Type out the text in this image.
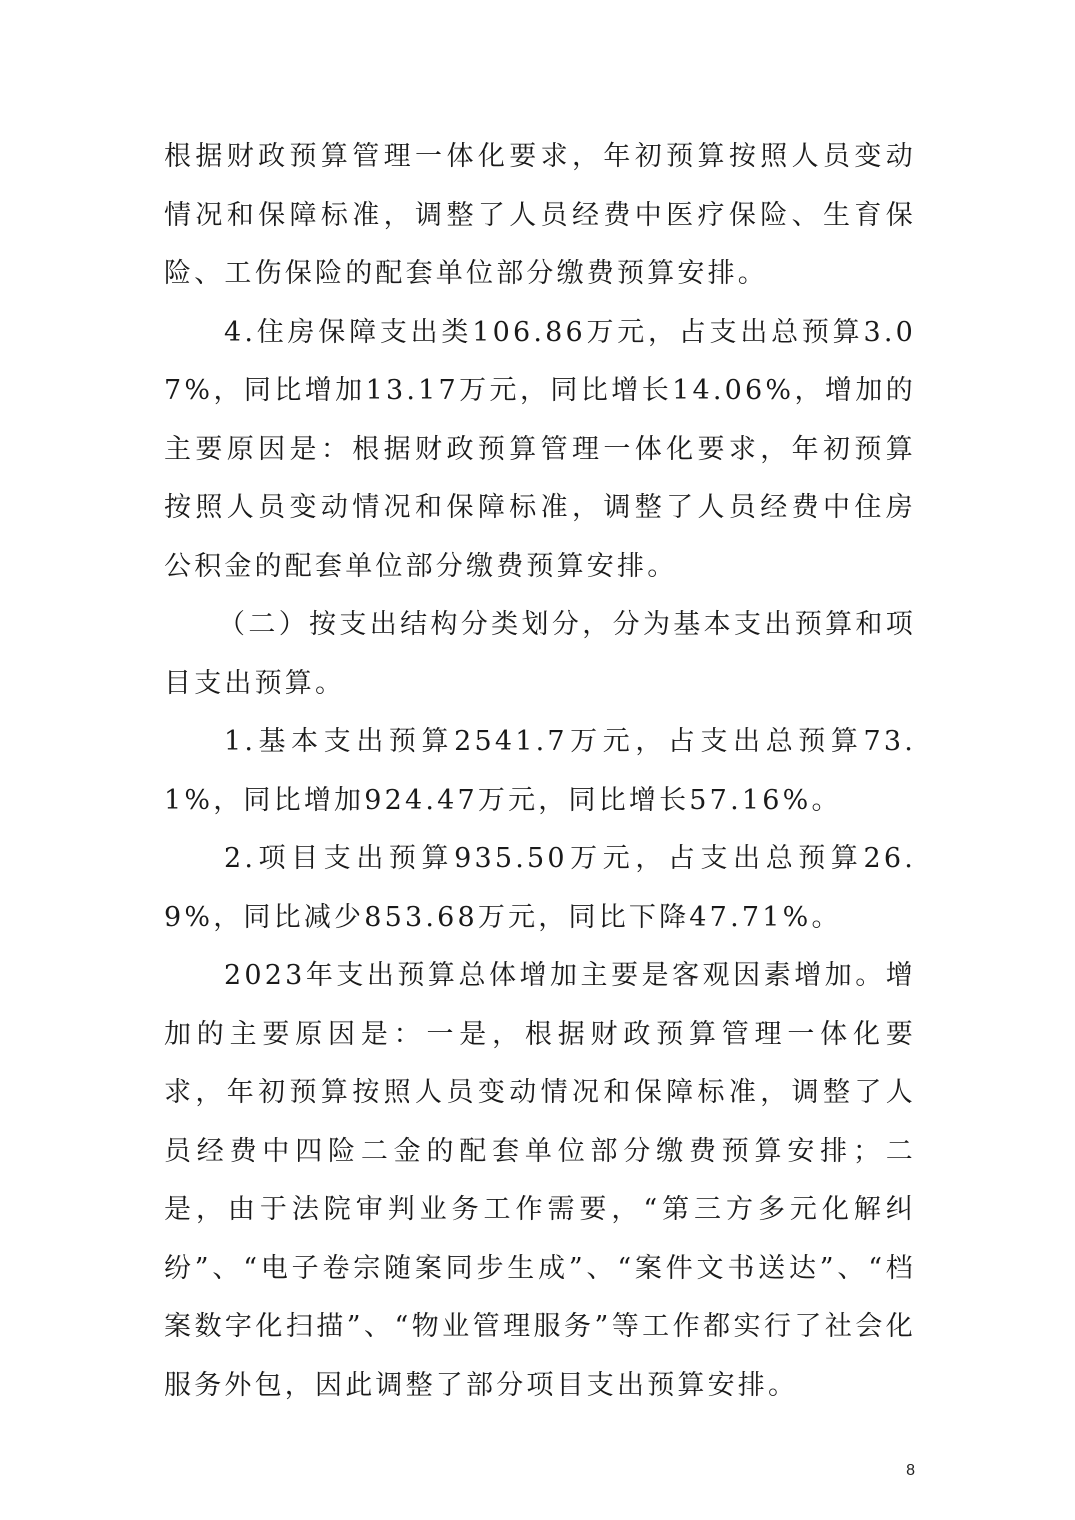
根据财政预算管理一体化要求，年初预算按照人员变动情况和保障标准，调整了人员经费中医疗保险、生育保险、工伤保险的配套单位部分缴费预算安排。

4.住房保障支出类106.86万元，占支出总预算3.07%，同比增加13.17万元，同比增长14.06%，增加的主要原因是：根据财政预算管理一体化要求，年初预算按照人员变动情况和保障标准，调整了人员经费中住房公积金的配套单位部分缴费预算安排。

（二）按支出结构分类划分，分为基本支出预算和项目支出预算。

1.基本支出预算2541.7万元，占支出总预算73.1%，同比增加924.47万元，同比增长57.16%。

2.项目支出预算935.50万元，占支出总预算26.9%，同比减少853.68万元，同比下降47.71%。

2023年支出预算总体增加主要是客观因素增加。增加的主要原因是：一是，根据财政预算管理一体化要求，年初预算按照人员变动情况和保障标准，调整了人员经费中四险二金的配套单位部分缴费预算安排；二是，由于法院审判业务工作需要，“第三方多元化解纠纷”、“电子卷宗随案同步生成”、“案件文书送达”、“档案数字化扫描”、“物业管理服务”等工作都实行了社会化服务外包，因此调整了部分项目支出预算安排。

8
